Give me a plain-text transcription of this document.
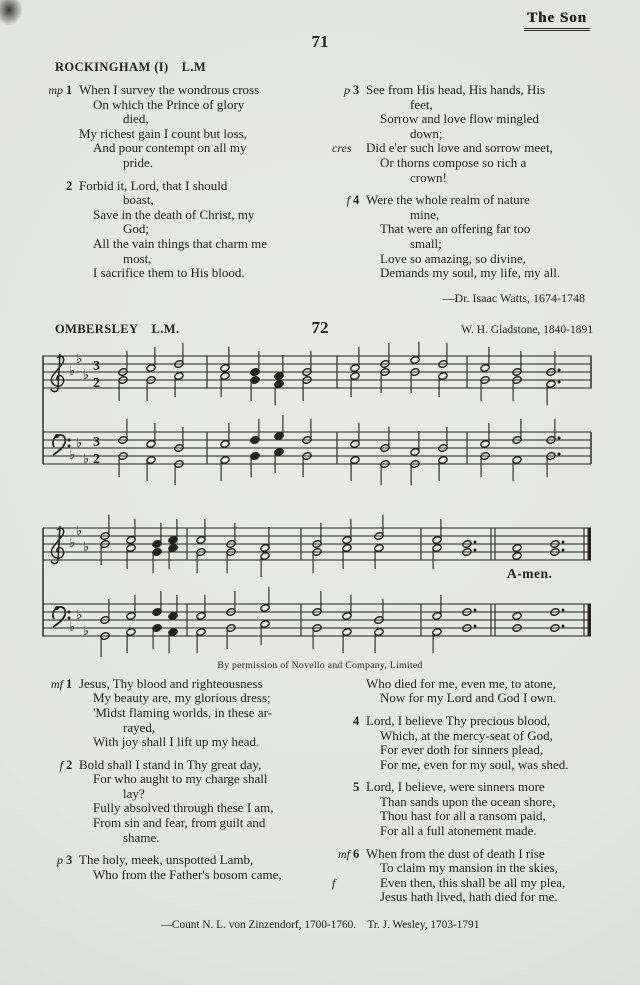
The Son
71
ROCKINGHAM (I) L.M
mp 1 When I survey the wondrous cross
On which the Prince of glory
died,
My richest gain I count but loss,
And pour contempt on all my
pride.
2 Forbid it, Lord, that I should
boast,
Save in the death of Christ, my
God;
All the vain things that charm me
most,
I sacrifice them to His blood.
p 3 See from His head, His hands, His
feet,
Sorrow and love flow mingled
down;
cres	Did e'er such love and sorrow meet,
Or thorns compose so rich a
crown!
f 4 Were the whole realm of nature
mine,
That were an offering far too
small;
Love so amazing, so divine,
Demands my soul, my life, my all.
—Dr. Isaac Watts, 1674-1748
OMBERSLEY L.M.	72	W. H. Gladstone, 1840-1891
♭
♭
♭
♭
♭
♭
♭
♭
♭
♭
♭
♭
3
2
3
2
A-men.
By permission of Novello and Company, Limited
mf 1 Jesus, Thy blood and righteousness
My beauty are, my glorious dress;
'Midst flaming worlds, in these ar-
rayed,
With joy shall I lift up my head.
f 2 Bold shall I stand in Thy great day,
For who aught to my charge shall
lay?
Fully absolved through these I am,
From sin and fear, from guilt and
shame.
p 3 The holy, meek, unspotted Lamb,
Who from the Father's bosom came,
Who died for me, even me, to atone,
Now for my Lord and God I own.
4 Lord, I believe Thy precious blood,
Which, at the mercy-seat of God,
For ever doth for sinners plead,
For me, even for my soul, was shed.
5 Lord, I believe, were sinners more
Than sands upon the ocean shore,
Thou hast for all a ransom paid,
For all a full atonement made.
mf 6 When from the dust of death I rise
To claim my mansion in the skies,
f	Even then, this shall be all my plea,
Jesus hath lived, hath died for me.
—Count N. L. von Zinzendorf, 1700-1760. Tr. J. Wesley, 1703-1791
